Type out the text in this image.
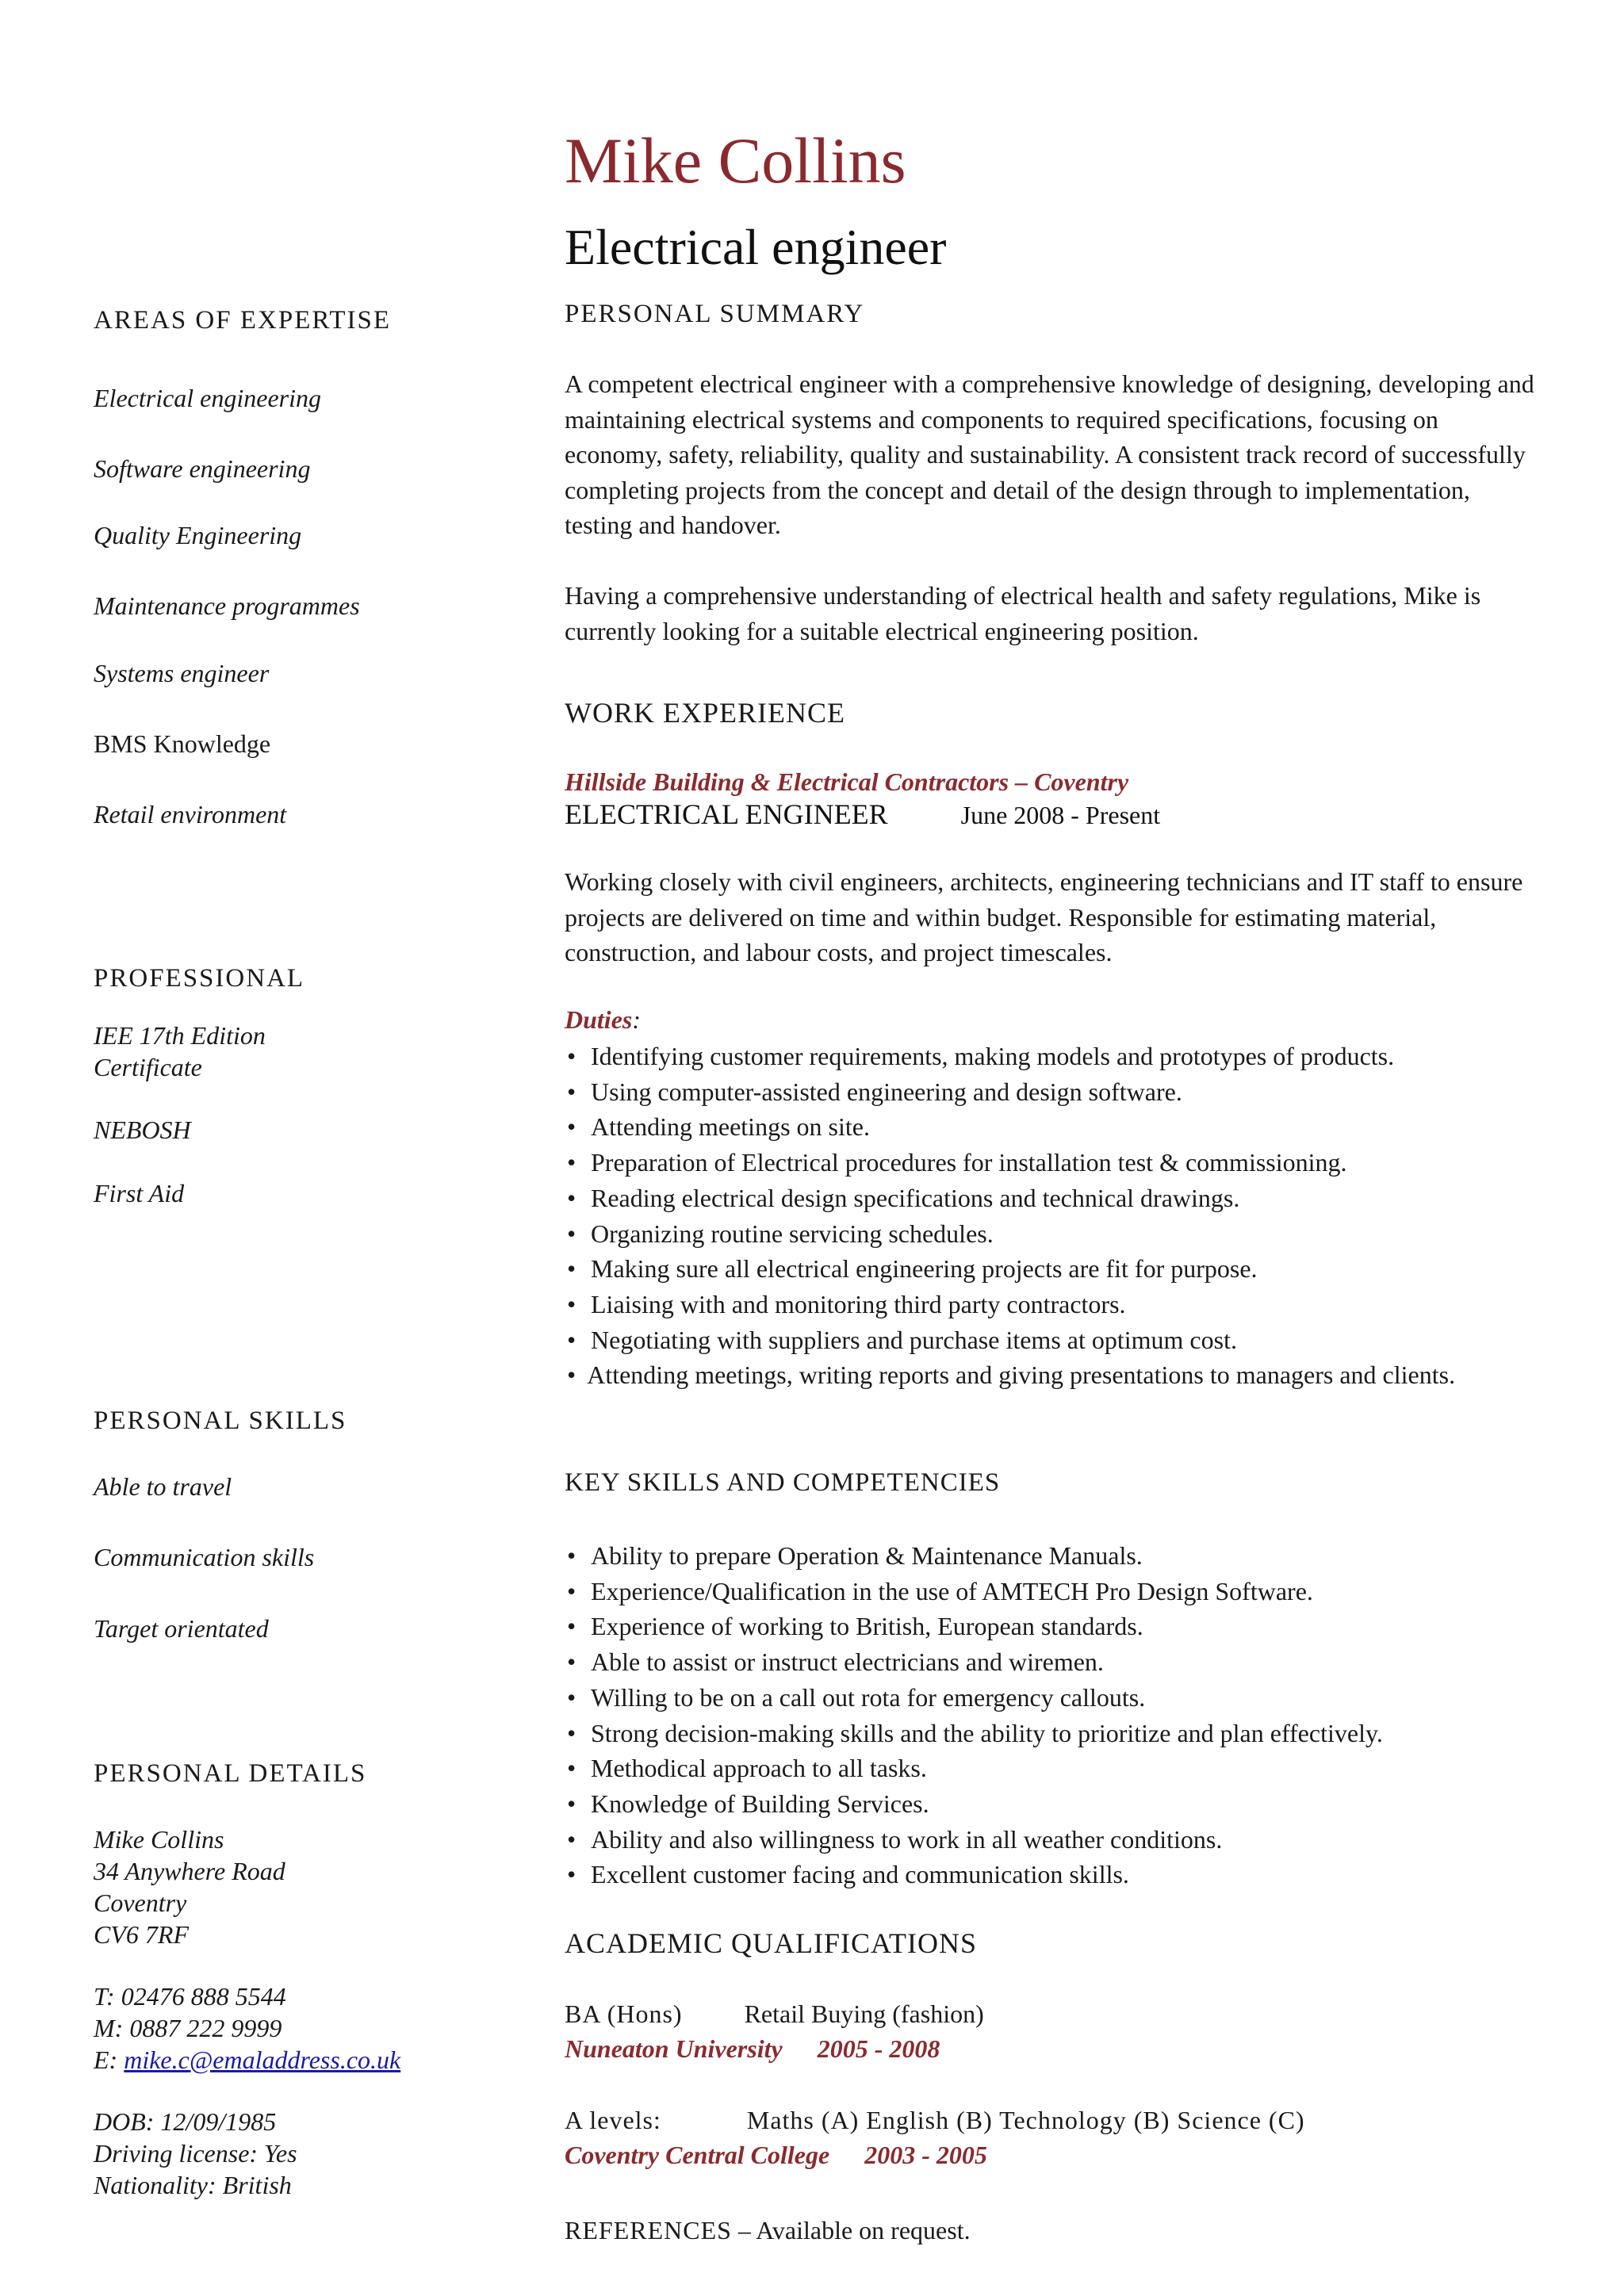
AREAS OF EXPERTISE
Electrical engineering
Software engineering
Quality Engineering
Maintenance programmes
Systems engineer
BMS Knowledge
Retail environment
PROFESSIONAL
IEE 17th Edition
Certificate
NEBOSH
First Aid
PERSONAL SKILLS
Able to travel
Communication skills
Target orientated
PERSONAL DETAILS
Mike Collins
34 Anywhere Road
Coventry
CV6 7RF
T: 02476 888 5544
M: 0887 222 9999
E: mike.c@emaladdress.co.uk
DOB: 12/09/1985
Driving license: Yes
Nationality: British
Mike Collins
Electrical engineer
PERSONAL SUMMARY
A competent electrical engineer with a comprehensive knowledge of designing, developing and maintaining electrical systems and components to required specifications, focusing on economy, safety, reliability, quality and sustainability. A consistent track record of successfully completing projects from the concept and detail of the design through to implementation, testing and handover.
Having a comprehensive understanding of electrical health and safety regulations, Mike is currently looking for a suitable electrical engineering position.
WORK EXPERIENCE
Hillside Building & Electrical Contractors – Coventry
ELECTRICAL ENGINEER	June 2008 - Present
Working closely with civil engineers, architects, engineering technicians and IT staff to ensure projects are delivered on time and within budget. Responsible for estimating material, construction, and labour costs, and project timescales.
Duties:
• Identifying customer requirements, making models and prototypes of products.
• Using computer-assisted engineering and design software.
• Attending meetings on site.
• Preparation of Electrical procedures for installation test & commissioning.
• Reading electrical design specifications and technical drawings.
• Organizing routine servicing schedules.
• Making sure all electrical engineering projects are fit for purpose.
• Liaising with and monitoring third party contractors.
• Negotiating with suppliers and purchase items at optimum cost.
• Attending meetings, writing reports and giving presentations to managers and clients.
KEY SKILLS AND COMPETENCIES
• Ability to prepare Operation & Maintenance Manuals.
• Experience/Qualification in the use of AMTECH Pro Design Software.
• Experience of working to British, European standards.
• Able to assist or instruct electricians and wiremen.
• Willing to be on a call out rota for emergency callouts.
• Strong decision-making skills and the ability to prioritize and plan effectively.
• Methodical approach to all tasks.
• Knowledge of Building Services.
• Ability and also willingness to work in all weather conditions.
• Excellent customer facing and communication skills.
ACADEMIC QUALIFICATIONS
BA (Hons) Retail Buying (fashion)
Nuneaton University 2005 - 2008
A levels:	Maths (A) English (B) Technology (B) Science (C)
Coventry Central College 2003 - 2005
REFERENCES – Available on request.
